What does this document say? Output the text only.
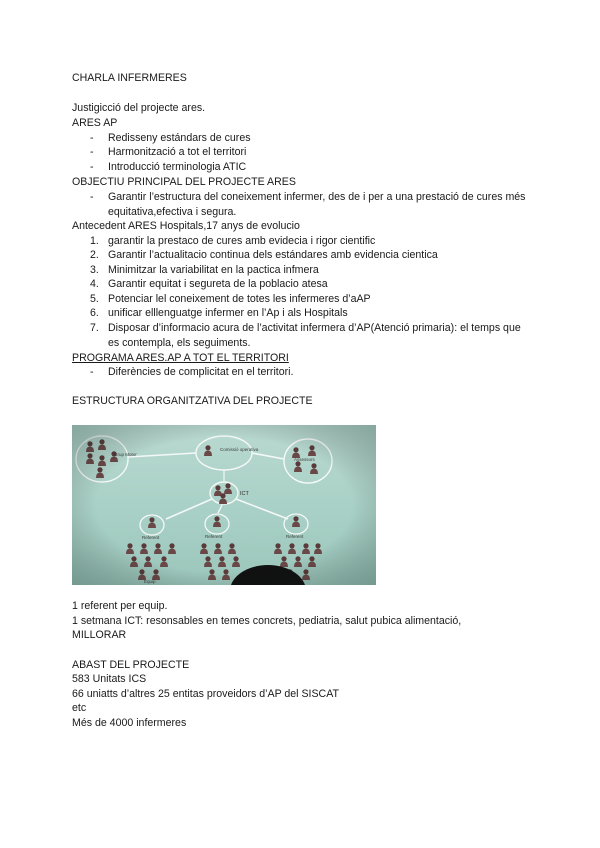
CHARLA INFERMERES
Justigicció del projecte ares.
ARES AP
- Redisseny estándars de cures
- Harmonització a tot el territori
- Introducció terminologia ATIC
OBJECTIU PRINCIPAL DEL PROJECTE ARES
- Garantir l’estructura del coneixement infermer, des de i per a una prestació de cures més equitativa,efectiva i segura.
Antecedent ARES Hospitals,17 anys de evolucio
1. garantir la prestaco de cures amb evidecia i rigor cientific
2. Garantir l’actualitacio continua dels estándares amb evidencia cientica
3. Minimitzar la variabilitat en la pactica infmera
4. Garantir equitat i segureta de la poblacio atesa
5. Potenciar lel coneixement de totes les infermeres d’aAP
6. unificar elllenguatge infermer en l’Ap i als Hospitals
7. Disposar d’informacio acura de l’activitat infermera d’AP(Atenció primaria): el temps que es contempla, els seguiments.
PROGRAMA ARES.AP A TOT EL TERRITORI
- Diferències de complicitat en el territori.
ESTRUCTURA ORGANITZATIVA DEL PROJECTE
1 referent per equip.
1 setmana ICT: resonsables en temes concrets, pediatria, salut pubica alimentació,
MILLORAR
ABAST DEL PROJECTE
583 Unitats ICS
66 uniatts d’altres 25 entitas proveidors d’AP del SISCAT
etc
Més de 4000 infermeres
